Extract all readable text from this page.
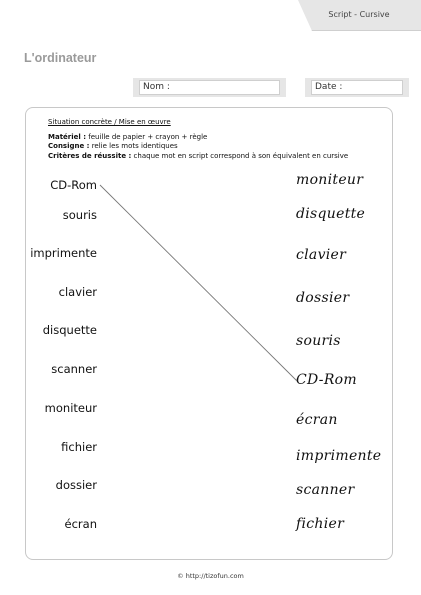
Script - Cursive
L'ordinateur
Nom :	Date :
Situation concrète / Mise en œuvre
Matériel : feuille de papier + crayon + règle
Consigne : relie les mots identiques
Critères de réussite : chaque mot en script correspond à son équivalent en cursive
CD-Rom
souris
imprimente
clavier
disquette
scanner
moniteur
fichier
dossier
écran
moniteur
disquette
clavier
dossier
souris
CD-Rom
écran
imprimente
scanner
fichier
© http://tizofun.com
